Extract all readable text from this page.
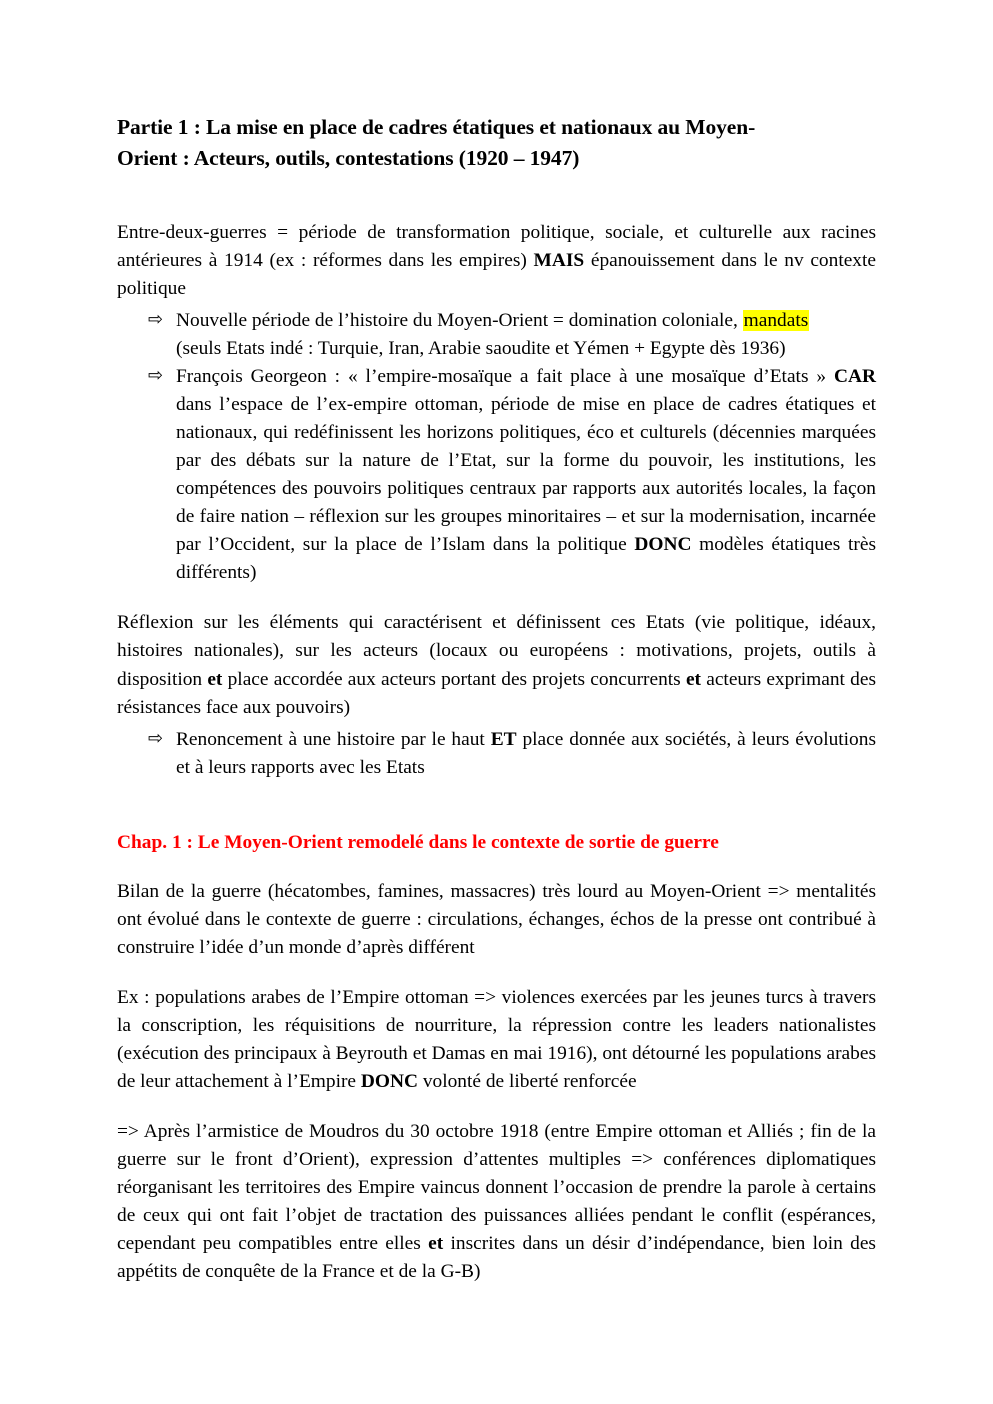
Partie 1 : La mise en place de cadres étatiques et nationaux au Moyen-
Orient : Acteurs, outils, contestations (1920 – 1947)

Entre-deux-guerres = période de transformation politique, sociale, et culturelle aux racines antérieures à 1914 (ex : réformes dans les empires) MAIS épanouissement dans le nv contexte politique

⇨ Nouvelle période de l’histoire du Moyen-Orient = domination coloniale, mandats
(seuls Etats indé : Turquie, Iran, Arabie saoudite et Yémen + Egypte dès 1936)
⇨ François Georgeon : « l’empire-mosaïque a fait place à une mosaïque d’Etats » CAR dans l’espace de l’ex-empire ottoman, période de mise en place de cadres étatiques et nationaux, qui redéfinissent les horizons politiques, éco et culturels (décennies marquées par des débats sur la nature de l’Etat, sur la forme du pouvoir, les institutions, les compétences des pouvoirs politiques centraux par rapports aux autorités locales, la façon de faire nation – réflexion sur les groupes minoritaires – et sur la modernisation, incarnée par l’Occident, sur la place de l’Islam dans la politique DONC modèles étatiques très différents)

Réflexion sur les éléments qui caractérisent et définissent ces Etats (vie politique, idéaux, histoires nationales), sur les acteurs (locaux ou européens : motivations, projets, outils à disposition et place accordée aux acteurs portant des projets concurrents et acteurs exprimant des résistances face aux pouvoirs)

⇨ Renoncement à une histoire par le haut ET place donnée aux sociétés, à leurs évolutions et à leurs rapports avec les Etats
Chap. 1 : Le Moyen-Orient remodelé dans le contexte de sortie de guerre

Bilan de la guerre (hécatombes, famines, massacres) très lourd au Moyen-Orient => mentalités ont évolué dans le contexte de guerre : circulations, échanges, échos de la presse ont contribué à construire l’idée d’un monde d’après différent

Ex : populations arabes de l’Empire ottoman => violences exercées par les jeunes turcs à travers la conscription, les réquisitions de nourriture, la répression contre les leaders nationalistes (exécution des principaux à Beyrouth et Damas en mai 1916), ont détourné les populations arabes de leur attachement à l’Empire DONC volonté de liberté renforcée

=> Après l’armistice de Moudros du 30 octobre 1918 (entre Empire ottoman et Alliés ; fin de la guerre sur le front d’Orient), expression d’attentes multiples => conférences diplomatiques réorganisant les territoires des Empire vaincus donnent l’occasion de prendre la parole à certains de ceux qui ont fait l’objet de tractation des puissances alliées pendant le conflit (espérances, cependant peu compatibles entre elles et inscrites dans un désir d’indépendance, bien loin des appétits de conquête de la France et de la G-B)
